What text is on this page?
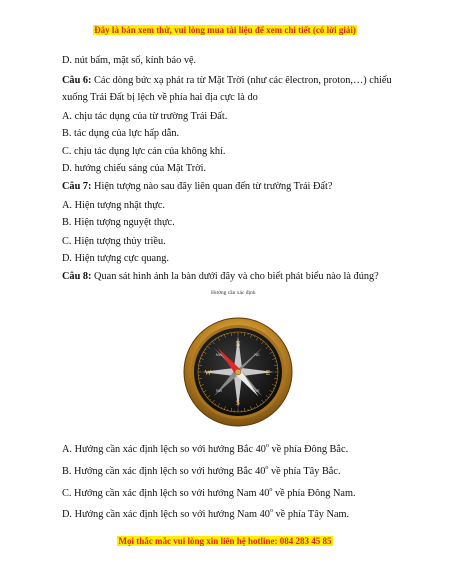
Đây là bản xem thử, vui lòng mua tài liệu để xem chi tiết (có lời giải)
D. nút bấm, mặt số, kính bảo vệ.
Câu 6: Các dòng bức xạ phát ra từ Mặt Trời (như các êlectron, proton,…) chiếu
xuống Trái Đất bị lệch về phía hai địa cực là do
A. chịu tác dụng của từ trường Trái Đất.
B. tác dụng của lực hấp dẫn.
C. chịu tác dụng lực cản của không khí.
D. hướng chiếu sáng của Mặt Trời.
Câu 7: Hiện tượng nào sau đây liên quan đến từ trường Trái Đất?
A. Hiện tượng nhật thực.
B. Hiện tượng nguyệt thực.
C. Hiện tượng thủy triều.
D. Hiện tượng cực quang.
Câu 8: Quan sát hình ảnh la bàn dưới đây và cho biết phát biểu nào là đúng?
Hướng cần xác định
N
S
E
W
NE
NW
SE
SW
A. Hướng cần xác định lệch so với hướng Bắc 40$^o$ về phía Đông Bắc.
B. Hướng cần xác định lệch so với hướng Bắc 40$^o$ về phía Tây Bắc.
C. Hướng cần xác định lệch so với hướng Nam 40$^o$ về phía Đông Nam.
D. Hướng cần xác định lệch so với hướng Nam 40$^o$ về phía Tây Nam.
Mọi thắc mắc vui lòng xin liên hệ hotline: 084 283 45 85
